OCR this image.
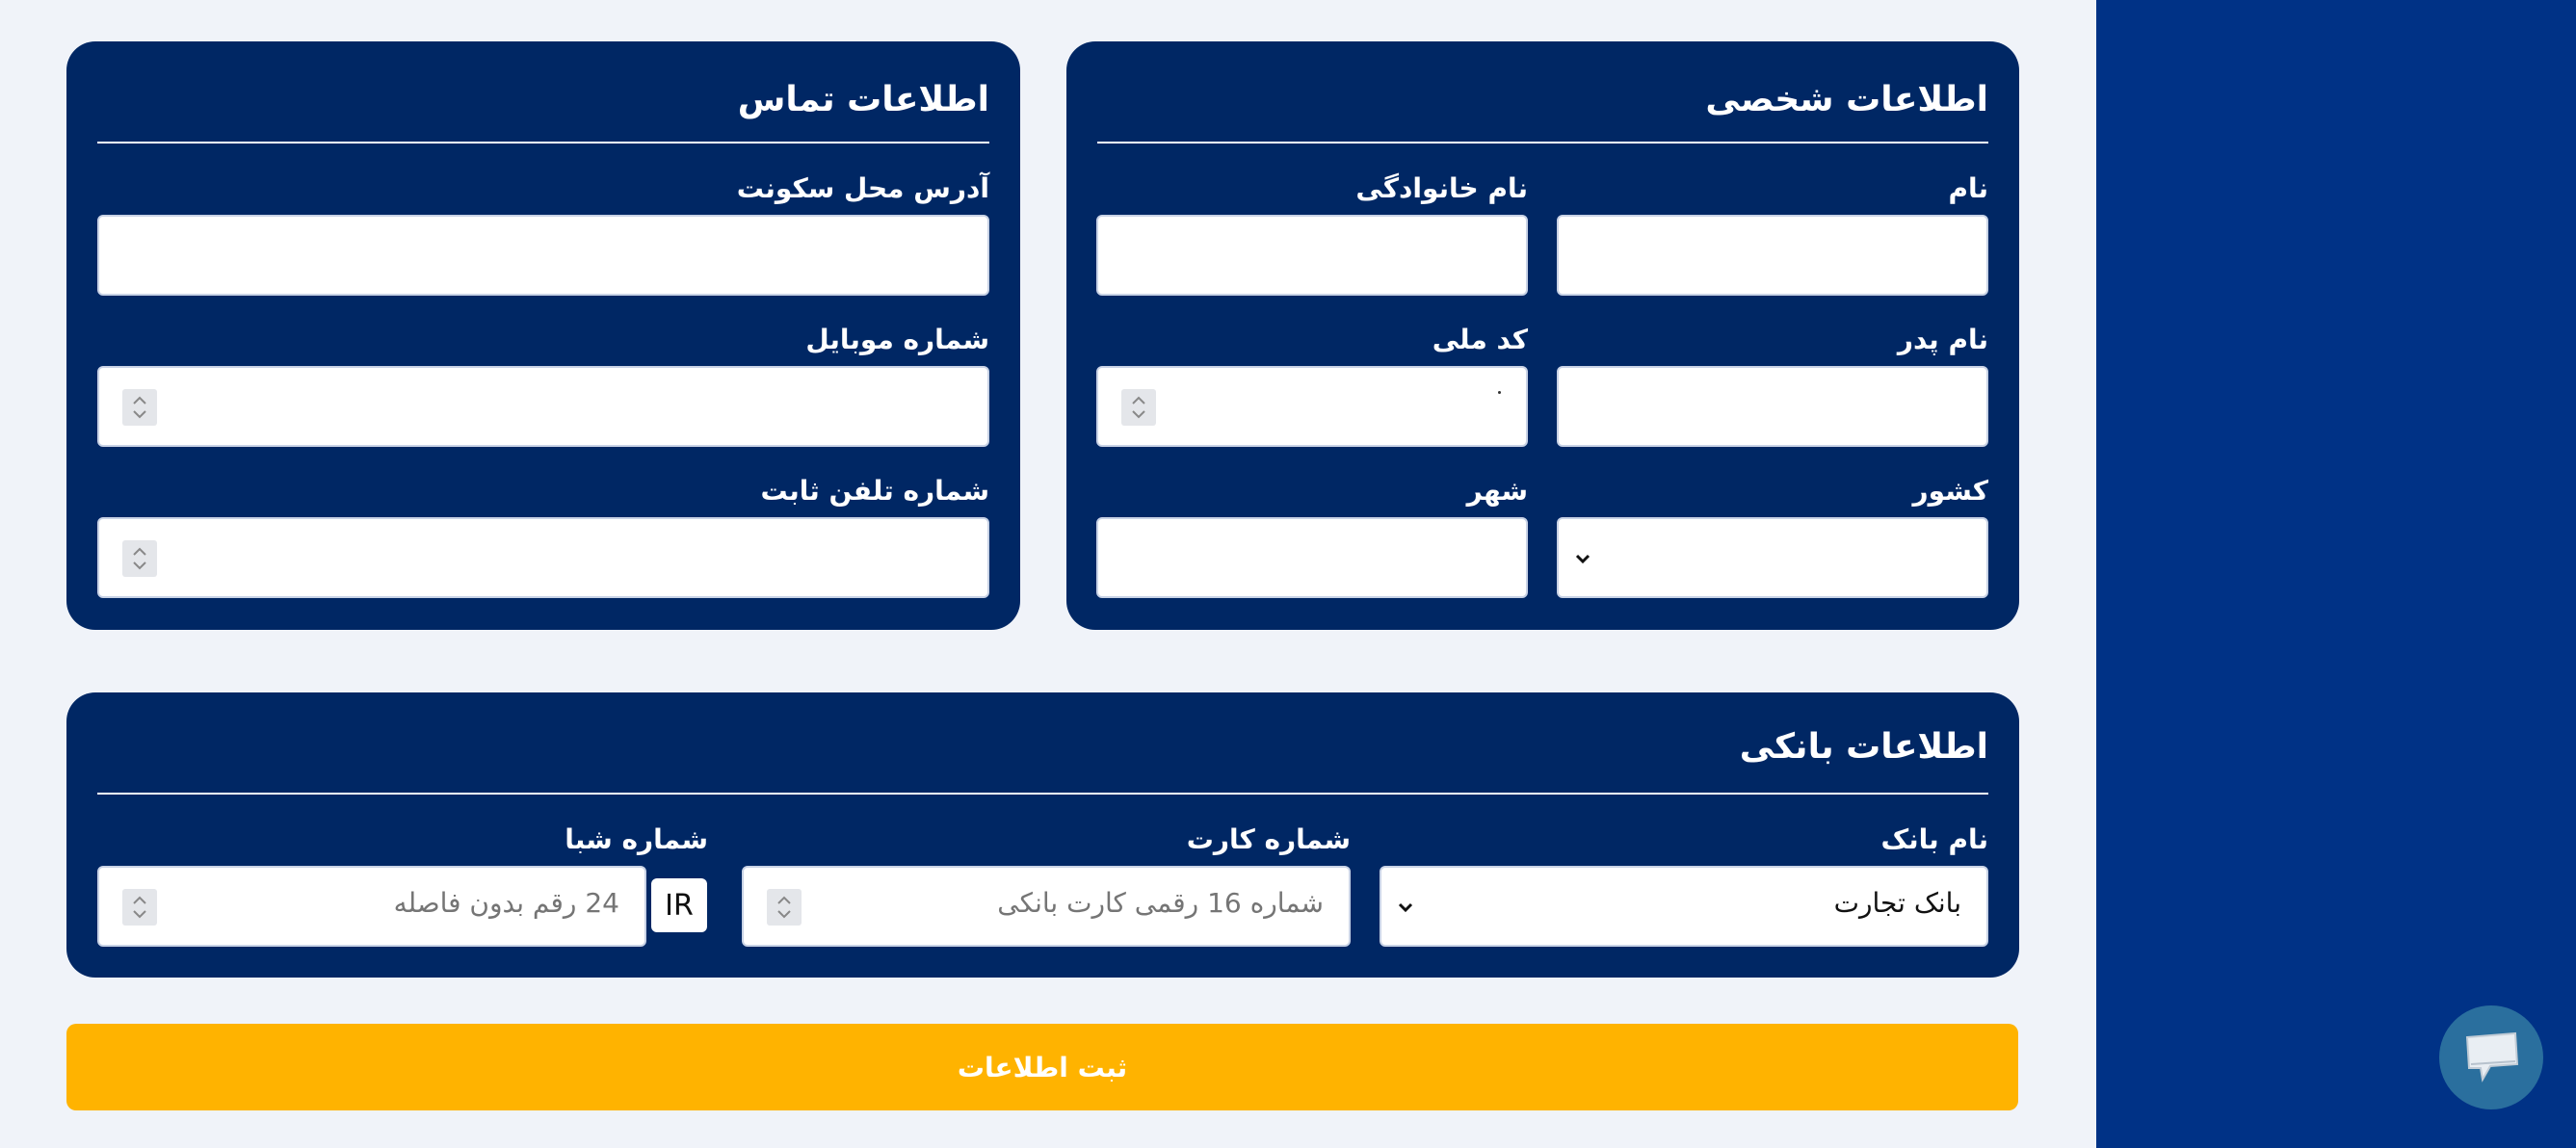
اطلاعات شخصی
نام
نام خانوادگی
نام پدر
کد ملی
کشور
شهر
اطلاعات تماس
آدرس محل سکونت
شماره موبایل
شماره تلفن ثابت
اطلاعات بانکی
نام بانک
بانک تجارت
شماره کارت
شماره 16 رقمی کارت بانکی
شماره شبا
24 رقم بدون فاصله	IR
ثبت اطلاعات
